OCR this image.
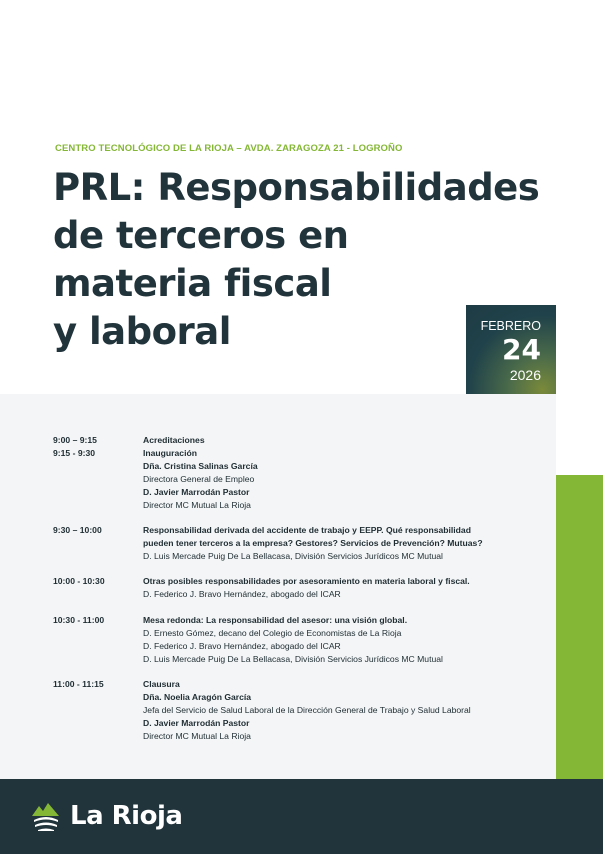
CENTRO TECNOLÓGICO DE LA RIOJA – AVDA. ZARAGOZA 21 - LOGROÑO
PRL: Responsabilidades
de terceros en
materia fiscal
y laboral	FEBRERO
24
2026
9:00 – 9:15	Acreditaciones
9:15 - 9:30	Inauguración
Dña. Cristina Salinas García
Directora General de Empleo
D. Javier Marrodán Pastor
Director MC Mutual La Rioja
9:30 – 10:00	Responsabilidad derivada del accidente de trabajo y EEPP. Qué responsabilidad
pueden tener terceros a la empresa? Gestores? Servicios de Prevención? Mutuas?
D. Luis Mercade Puig De La Bellacasa, División Servicios Jurídicos MC Mutual
10:00 - 10:30	Otras posibles responsabilidades por asesoramiento en materia laboral y fiscal.
D. Federico J. Bravo Hernández, abogado del ICAR
10:30 - 11:00	Mesa redonda: La responsabilidad del asesor: una visión global.
D. Ernesto Gómez, decano del Colegio de Economistas de La Rioja
D. Federico J. Bravo Hernández, abogado del ICAR
D. Luis Mercade Puig De La Bellacasa, División Servicios Jurídicos MC Mutual
11:00 - 11:15	Clausura
Dña. Noelia Aragón García
Jefa del Servicio de Salud Laboral de la Dirección General de Trabajo y Salud Laboral
D. Javier Marrodán Pastor
Director MC Mutual La Rioja
La Rioja
